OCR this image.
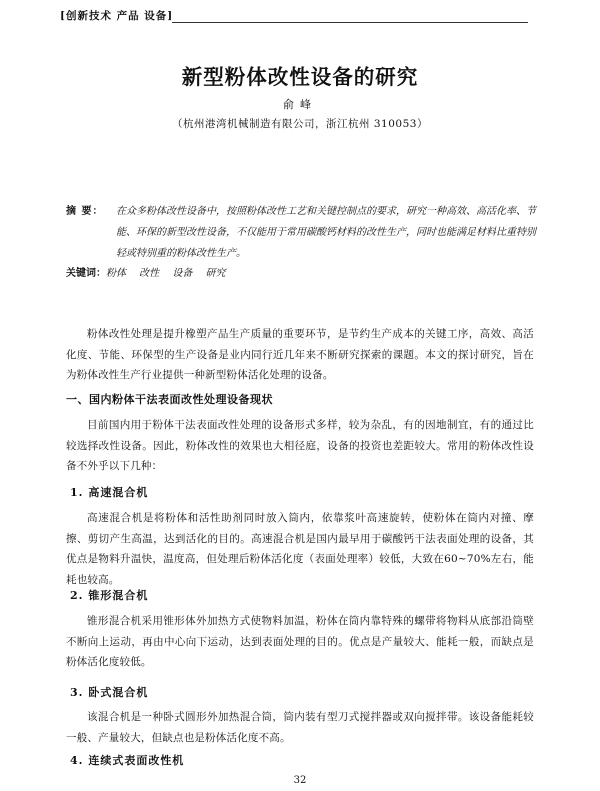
[创新技术 产品 设备]
新型粉体改性设备的研究
俞峰
（杭州港湾机械制造有限公司，浙江杭州 310053）
摘 要： 在众多粉体改性设备中，按照粉体改性工艺和关键控制点的要求，研究一种高效、高活化率、节能、环保的新型改性设备，不仅能用于常用碳酸钙材料的改性生产，同时也能满足材料比重特别轻或特别重的粉体改性生产。
关键词：粉体 改性 设备 研究
粉体改性处理是提升橡塑产品生产质量的重要环节，是节约生产成本的关键工序，高效、高活化度、节能、环保型的生产设备是业内同行近几年来不断研究探索的课题。本文的探讨研究，旨在为粉体改性生产行业提供一种新型粉体活化处理的设备。
一、国内粉体干法表面改性处理设备现状
目前国内用于粉体干法表面改性处理的设备形式多样，较为杂乱，有的因地制宜，有的通过比较选择改性设备。因此，粉体改性的效果也大相径庭，设备的投资也差距较大。常用的粉体改性设备不外乎以下几种：
1. 高速混合机
高速混合机是将粉体和活性助剂同时放入筒内，依靠浆叶高速旋转，使粉体在筒内对撞、摩擦、剪切产生高温，达到活化的目的。高速混合机是国内最早用于碳酸钙干法表面处理的设备，其优点是物料升温快，温度高，但处理后粉体活化度（表面处理率）较低，大致在60~70%左右，能耗也较高。
2. 锥形混合机
锥形混合机采用锥形体外加热方式使物料加温，粉体在筒内靠特殊的螺带将物料从底部沿筒壁不断向上运动，再由中心向下运动，达到表面处理的目的。优点是产量较大、能耗一般，而缺点是粉体活化度较低。
3. 卧式混合机
该混合机是一种卧式圆形外加热混合筒，筒内装有型刀式搅拌器或双向搅拌带。该设备能耗较一般、产量较大，但缺点也是粉体活化度不高。
4. 连续式表面改性机
32
